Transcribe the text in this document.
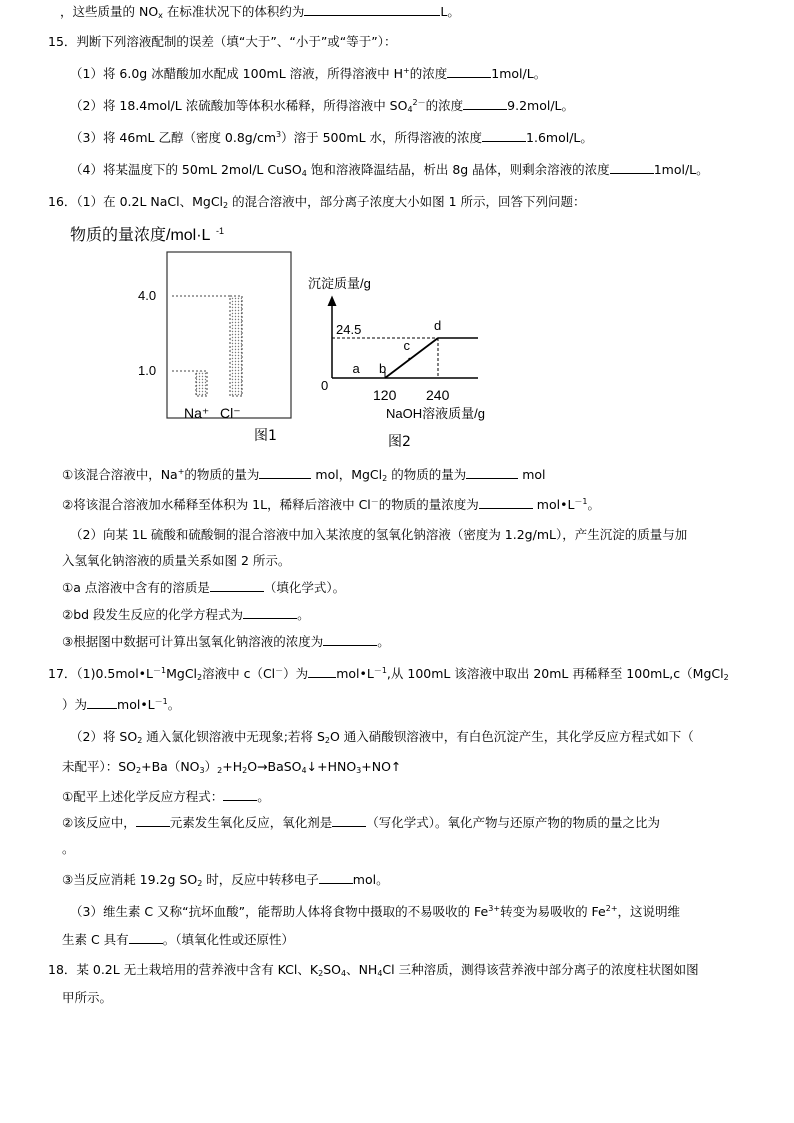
，这些质量的 $NO_x$ 在标准状况下的体积约为	L。
15．判断下列溶液配制的误差（填“大于”、“小于”或“等于”）：
（1）将 6.0g 冰醋酸加水配成 100mL 溶液，所得溶液中 H+的浓度	1mol/L。
（2）将 18.4mol/L 浓硫酸加等体积水稀释，所得溶液中 $SO_4^{2-}$的浓度	9.2mol/L。
（3）将 46mL 乙醇（密度 $0.8g/cm^3$）溶于 500mL 水，所得溶液的浓度	1.6mol/L。
（4）将某温度下的 50mL 2mol/L CuSO$_4$ 饱和溶液降温结晶，析出 8g 晶体，则剩余溶液的浓度	1mol/L。
16．（1）在 0.2L NaCl、MgCl$_2$ 的混合溶液中，部分离子浓度大小如图 1 所示，回答下列问题：
物质的量浓度/mol·L -1
4.0
1.0
Na⁺ Cl⁻
图1
沉淀质量/g
0
NaOH溶液质量/g
24.5
120 240
a b
c
d
图2
①该混合溶液中，Na+的物质的量为	mol，MgCl$_2$ 的物质的量为	mol
②将该混合溶液加水稀释至体积为 1L，稀释后溶液中 Cl－的物质的量浓度为	$mol•L^{-1}$。
（2）向某 1L 硫酸和硫酸铜的混合溶液中加入某浓度的氢氧化钠溶液（密度为 1.2g/mL），产生沉淀的质量与加
入氢氧化钠溶液的质量关系如图 2 所示。
①a 点溶液中含有的溶质是	（填化学式）。
②bd 段发生反应的化学方程式为	。
③根据图中数据可计算出氢氧化钠溶液的浓度为	。
17．$(1)0.5mol•L^{-1}MgCl_2$溶液中 c（Cl－）为 $mol•L^{-1}$,从 100mL 该溶液中取出 20mL 再稀释至 100mL,c（MgCl$_2$
）为 $mol•L^{-1}$。
（2）将 $SO_2$ 通入氯化钡溶液中无现象;若将 $S_2O$ 通入硝酸钡溶液中，有白色沉淀产生，其化学反应方程式如下（
未配平）：$SO_2+Ba(NO_3)_2+H_2O\to BaSO_4↓+HNO_3+NO↑$
①配平上述化学反应方程式：	。
②该反应中，	元素发生氧化反应，氧化剂是	（写化学式）。氧化产物与还原产物的物质的量之比为
。
③当反应消耗 19.2g $SO_2$ 时，反应中转移电子	mol。
（3）维生素 C 又称“抗坏血酸”，能帮助人体将食物中摄取的不易吸收的 $Fe^{3+}$转变为易吸收的 $Fe^{2+}$，这说明维
生素 C 具有	。（填氧化性或还原性）
18．某 0.2L 无土栽培用的营养液中含有 KCl、$K_2SO_4$、$NH_4Cl$ 三种溶质，测得该营养液中部分离子的浓度柱状图如图
甲所示。
